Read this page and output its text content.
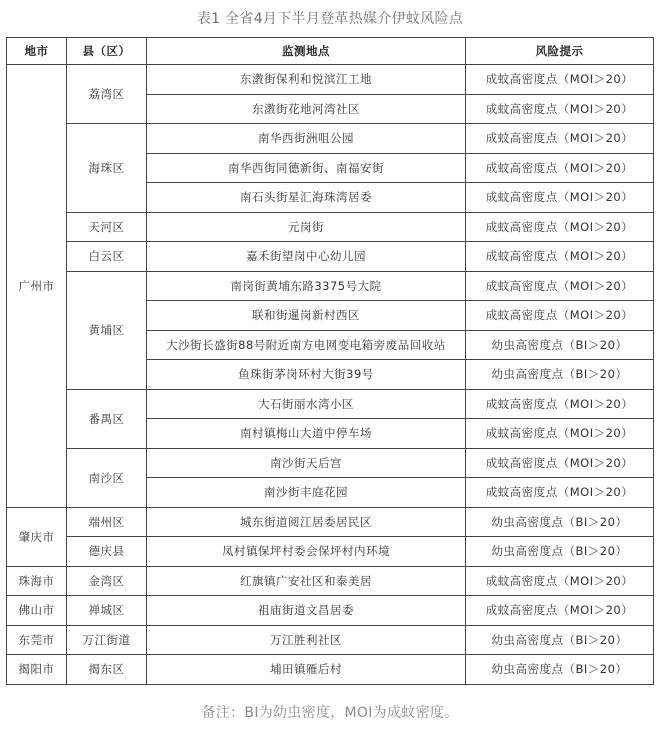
表1 全省4月下半月登革热媒介伊蚊风险点
地市	县（区）	监测地点	风险提示
广州市	荔湾区	东漖街保利和悦滨江工地	成蚊高密度点（MOI＞20）
		东漖街花地河湾社区	成蚊高密度点（MOI＞20）
	海珠区	南华西街洲咀公园	成蚊高密度点（MOI＞20）
		南华西街同德新街、南福安街	成蚊高密度点（MOI＞20）
		南石头街星汇海珠湾居委	成蚊高密度点（MOI＞20）
	天河区	元岗街	成蚊高密度点（MOI＞20）
	白云区	嘉禾街望岗中心幼儿园	成蚊高密度点（MOI＞20）
	黄埔区	南岗街黄埔东路3375号大院	成蚊高密度点（MOI＞20）
		联和街暹岗新村西区	成蚊高密度点（MOI＞20）
		大沙街长盛街88号附近南方电网变电箱旁废品回收站	幼虫高密度点（BI＞20）
		鱼珠街茅岗环村大街39号	幼虫高密度点（BI＞20）
	番禺区	大石街丽水湾小区	成蚊高密度点（MOI＞20）
		南村镇梅山大道中停车场	成蚊高密度点（MOI＞20）
	南沙区	南沙街天后宫	成蚊高密度点（MOI＞20）
		南沙街丰庭花园	成蚊高密度点（MOI＞20）
肇庆市	端州区	城东街道阅江居委居民区	幼虫高密度点（BI＞20）
	德庆县	凤村镇保坪村委会保坪村内环境	幼虫高密度点（BI＞20）
珠海市	金湾区	红旗镇广安社区和泰美居	成蚊高密度点（MOI＞20）
佛山市	禅城区	祖庙街道文昌居委	成蚊高密度点（MOI＞20）
东莞市	万江街道	万江胜利社区	幼虫高密度点（BI＞20）
揭阳市	揭东区	埔田镇雁后村	幼虫高密度点（BI＞20）
备注：BI为幼虫密度，MOI为成蚊密度。
